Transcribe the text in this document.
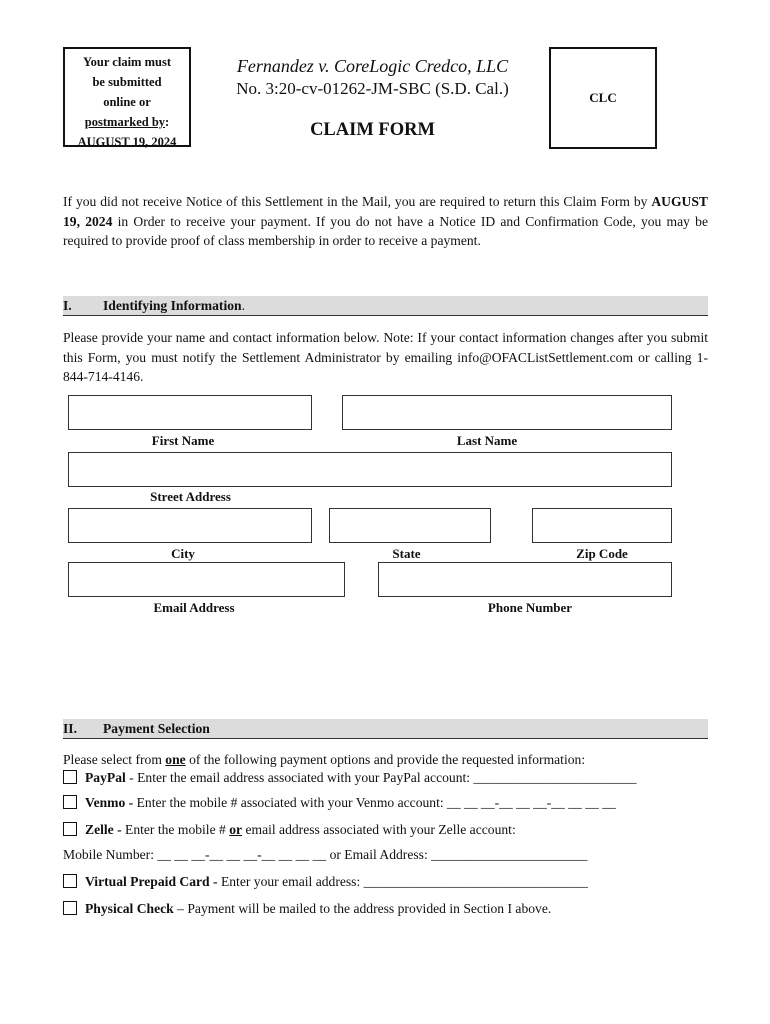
Your claim must
be submitted
online or
postmarked by:
AUGUST 19, 2024
Fernandez v. CoreLogic Credco, LLC
No. 3:20-cv-01262-JM-SBC (S.D. Cal.)
CLAIM FORM
CLC
If you did not receive Notice of this Settlement in the Mail, you are required to return this Claim Form by AUGUST 19, 2024 in Order to receive your payment. If you do not have a Notice ID and Confirmation Code, you may be required to provide proof of class membership in order to receive a payment.
I. Identifying Information.
Please provide your name and contact information below. Note: If your contact information changes after you submit this Form, you must notify the Settlement Administrator by emailing info@OFACListSettlement.com or calling 1-844-714-4146.
First Name	Last Name
Street Address
City	State	Zip Code
Email Address	Phone Number
II. Payment Selection
Please select from one of the following payment options and provide the requested information:
PayPal - Enter the email address associated with your PayPal account: ________________________
Venmo - Enter the mobile # associated with your Venmo account: __ __ __-__ __ __-__ __ __ __
Zelle - Enter the mobile # or email address associated with your Zelle account:
Mobile Number: __ __ __-__ __ __-__ __ __ __ or Email Address: _______________________
Virtual Prepaid Card - Enter your email address: _________________________________
Physical Check – Payment will be mailed to the address provided in Section I above.
